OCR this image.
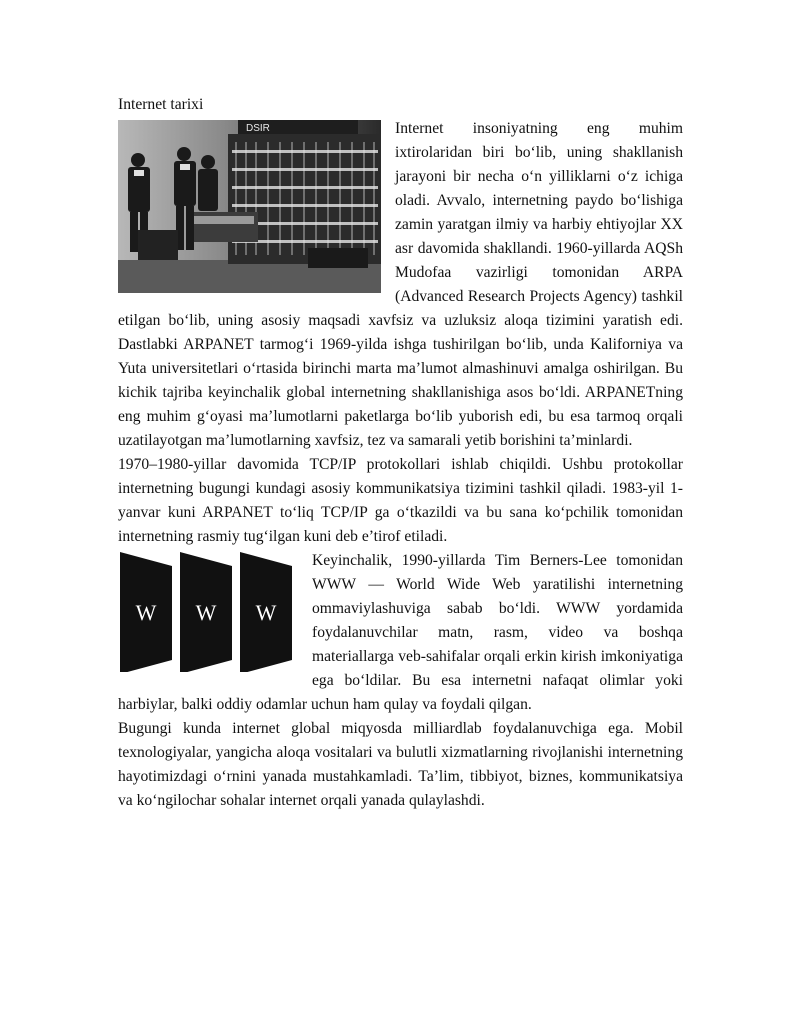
Internet tarixi

DSIR	Internet insoniyatning eng muhim ixtirolaridan biri bo‘lib, uning shakllanish jarayoni bir necha o‘n yilliklarni o‘z ichiga oladi. Avvalo, internetning paydo bo‘lishiga zamin yaratgan ilmiy va harbiy ehtiyojlar XX asr davomida shakllandi. 1960-yillarda AQSh Mudofaa vazirligi tomonidan ARPA (Advanced Research Projects Agency) tashkil etilgan bo‘lib, uning asosiy maqsadi xavfsiz va uzluksiz aloqa tizimini yaratish edi. Dastlabki ARPANET tarmog‘i 1969-yilda ishga tushirilgan bo‘lib, unda Kaliforniya va Yuta universitetlari o‘rtasida birinchi marta ma’lumot almashinuvi amalga oshirilgan. Bu kichik tajriba keyinchalik global internetning shakllanishiga asos bo‘ldi. ARPANETning eng muhim g‘oyasi ma’lumotlarni paketlarga bo‘lib yuborish edi, bu esa tarmoq orqali uzatilayotgan ma’lumotlarning xavfsiz, tez va samarali yetib borishini ta’minlardi.

1970–1980-yillar davomida TCP/IP protokollari ishlab chiqildi. Ushbu protokollar internetning bugungi kundagi asosiy kommunikatsiya tizimini tashkil qiladi. 1983-yil 1-yanvar kuni ARPANET to‘liq TCP/IP ga o‘tkazildi va bu sana ko‘pchilik tomonidan internetning rasmiy tug‘ilgan kuni deb e’tirof etiladi.

W W W

Keyinchalik, 1990-yillarda Tim Berners-Lee tomonidan WWW — World Wide Web yaratilishi internetning ommaviylashuviga sabab bo‘ldi. WWW yordamida foydalanuvchilar matn, rasm, video va boshqa materiallarga veb-sahifalar orqali erkin kirish imkoniyatiga ega bo‘ldilar. Bu esa internetni nafaqat olimlar yoki harbiylar, balki oddiy odamlar uchun ham qulay va foydali qilgan.

Bugungi kunda internet global miqyosda milliardlab foydalanuvchiga ega. Mobil texnologiyalar, yangicha aloqa vositalari va bulutli xizmatlarning rivojlanishi internetning hayotimizdagi o‘rnini yanada mustahkamladi. Ta’lim, tibbiyot, biznes, kommunikatsiya va ko‘ngilochar sohalar internet orqali yanada qulaylashdi.
